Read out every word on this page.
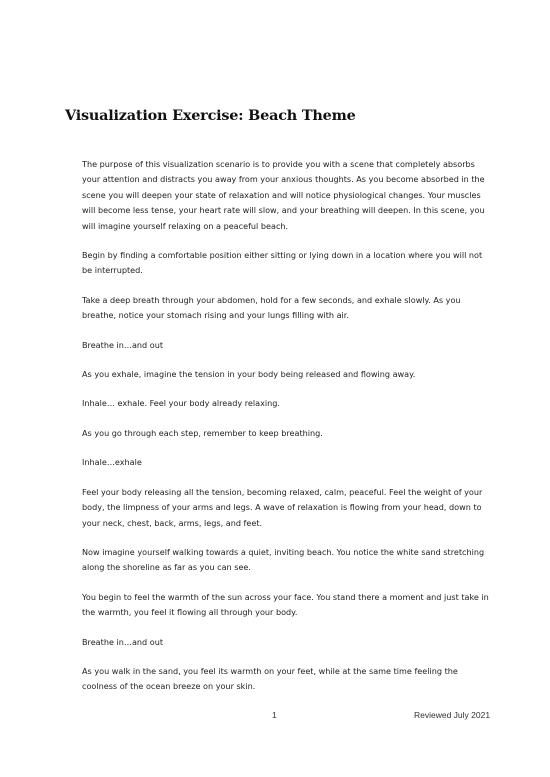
Visualization Exercise: Beach Theme

The purpose of this visualization scenario is to provide you with a scene that completely absorbs your attention and distracts you away from your anxious thoughts. As you become absorbed in the scene you will deepen your state of relaxation and will notice physiological changes. Your muscles will become less tense, your heart rate will slow, and your breathing will deepen. In this scene, you will imagine yourself relaxing on a peaceful beach.

Begin by finding a comfortable position either sitting or lying down in a location where you will not be interrupted.

Take a deep breath through your abdomen, hold for a few seconds, and exhale slowly. As you breathe, notice your stomach rising and your lungs filling with air.

Breathe in…and out

As you exhale, imagine the tension in your body being released and flowing away.

Inhale… exhale. Feel your body already relaxing.

As you go through each step, remember to keep breathing.

Inhale…exhale

Feel your body releasing all the tension, becoming relaxed, calm, peaceful. Feel the weight of your body, the limpness of your arms and legs. A wave of relaxation is flowing from your head, down to your neck, chest, back, arms, legs, and feet.

Now imagine yourself walking towards a quiet, inviting beach. You notice the white sand stretching along the shoreline as far as you can see.

You begin to feel the warmth of the sun across your face. You stand there a moment and just take in the warmth, you feel it flowing all through your body.

Breathe in…and out

As you walk in the sand, you feel its warmth on your feet, while at the same time feeling the coolness of the ocean breeze on your skin.

1	Reviewed July 2021
